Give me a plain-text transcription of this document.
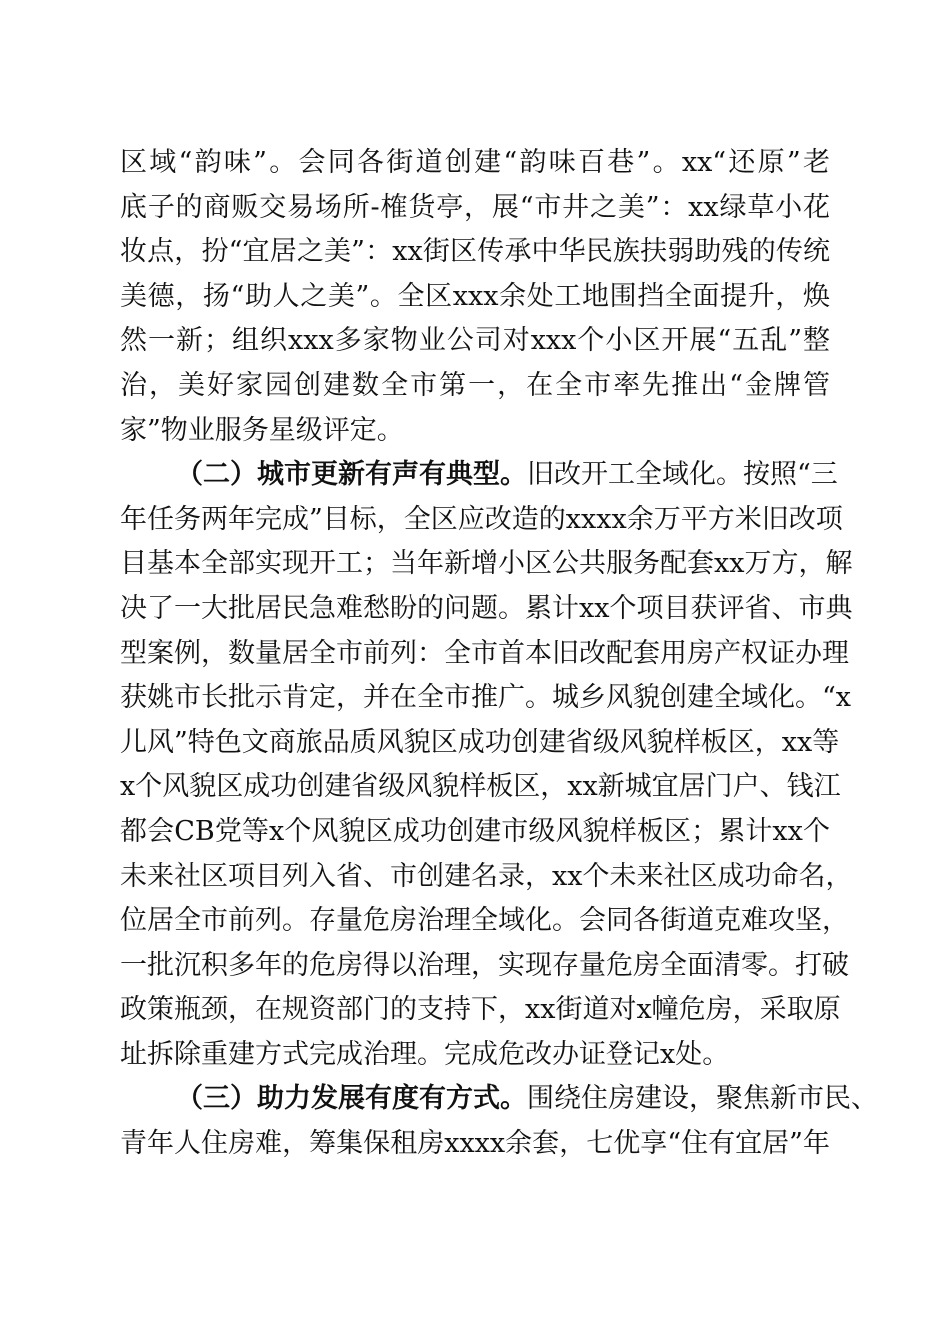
区域“韵味”。会同各街道创建“韵味百巷”。xx“还原”老
底子的商贩交易场所-榷货亭，展“市井之美”：xx绿草小花
妆点，扮“宜居之美”：xx街区传承中华民族扶弱助残的传统
美德，扬“助人之美”。全区xxx余处工地围挡全面提升，焕
然一新；组织xxx多家物业公司对xxx个小区开展“五乱”整
治，美好家园创建数全市第一，在全市率先推出“金牌管
家”物业服务星级评定。
（二）城市更新有声有典型。旧改开工全域化。按照“三
年任务两年完成”目标，全区应改造的xxxx余万平方米旧改项
目基本全部实现开工；当年新增小区公共服务配套xx万方，解
决了一大批居民急难愁盼的问题。累计xx个项目获评省、市典
型案例，数量居全市前列：全市首本旧改配套用房产权证办理
获姚市长批示肯定，并在全市推广。城乡风貌创建全域化。“x
儿风”特色文商旅品质风貌区成功创建省级风貌样板区，xx等
x个风貌区成功创建省级风貌样板区，xx新城宜居门户、钱江
都会CB党等x个风貌区成功创建市级风貌样板区；累计xx个
未来社区项目列入省、市创建名录，xx个未来社区成功命名，
位居全市前列。存量危房治理全域化。会同各街道克难攻坚，
一批沉积多年的危房得以治理，实现存量危房全面清零。打破
政策瓶颈，在规资部门的支持下，xx街道对x幢危房，采取原
址拆除重建方式完成治理。完成危改办证登记x处。
（三）助力发展有度有方式。围绕住房建设，聚焦新市民、
青年人住房难，筹集保租房xxxx余套，七优享“住有宜居”年
